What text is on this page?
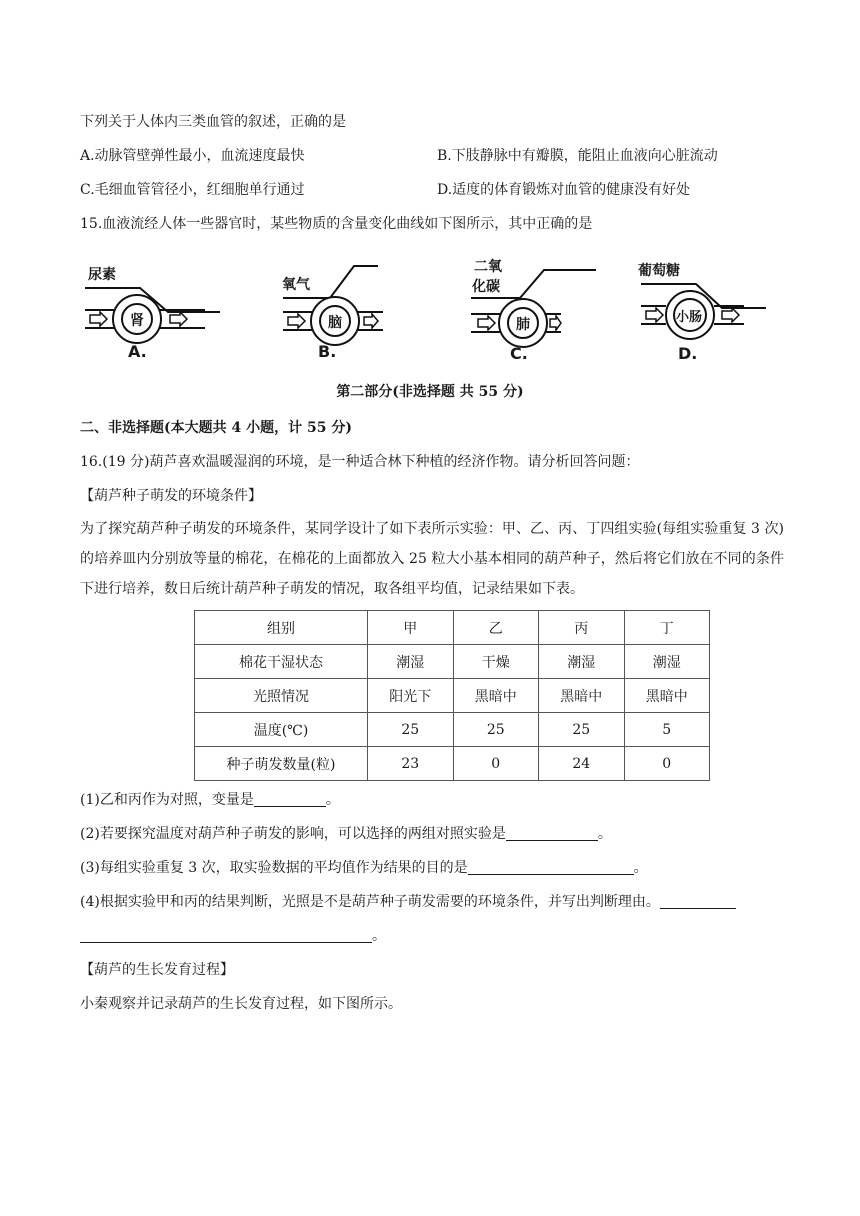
下列关于人体内三类血管的叙述，正确的是
A.动脉管壁弹性最小，血流速度最快	B.下肢静脉中有瓣膜，能阻止血液向心脏流动
C.毛细血管管径小，红细胞单行通过	D.适度的体育锻炼对血管的健康没有好处
15.血液流经人体一些器官时，某些物质的含量变化曲线如下图所示，其中正确的是
尿素
肾
A.
氧气
脑
B.
二氧
化碳
肺
C.
葡萄糖
小肠
D.
第二部分(非选择题 共 55 分)
二、非选择题(本大题共 4 小题，计 55 分)
16.(19 分)葫芦喜欢温暖湿润的环境，是一种适合林下种植的经济作物。请分析回答问题：
【葫芦种子萌发的环境条件】
为了探究葫芦种子萌发的环境条件，某同学设计了如下表所示实验：甲、乙、丙、丁四组实验(每组实验重复 3 次)的培养皿内分别放等量的棉花，在棉花的上面都放入 25 粒大小基本相同的葫芦种子，然后将它们放在不同的条件下进行培养，数日后统计葫芦种子萌发的情况，取各组平均值，记录结果如下表。
组别	甲	乙	丙	丁
棉花干湿状态	潮湿	干燥	潮湿	潮湿
光照情况	阳光下	黑暗中	黑暗中	黑暗中
温度(℃)	25	25	25	5
种子萌发数量(粒)	23	0	24	0
(1)乙和丙作为对照，变量是	。
(2)若要探究温度对葫芦种子萌发的影响，可以选择的两组对照实验是	。
(3)每组实验重复 3 次，取实验数据的平均值作为结果的目的是	。
(4)根据实验甲和丙的结果判断，光照是不是葫芦种子萌发需要的环境条件，并写出判断理由。
。
【葫芦的生长发育过程】
小秦观察并记录葫芦的生长发育过程，如下图所示。
